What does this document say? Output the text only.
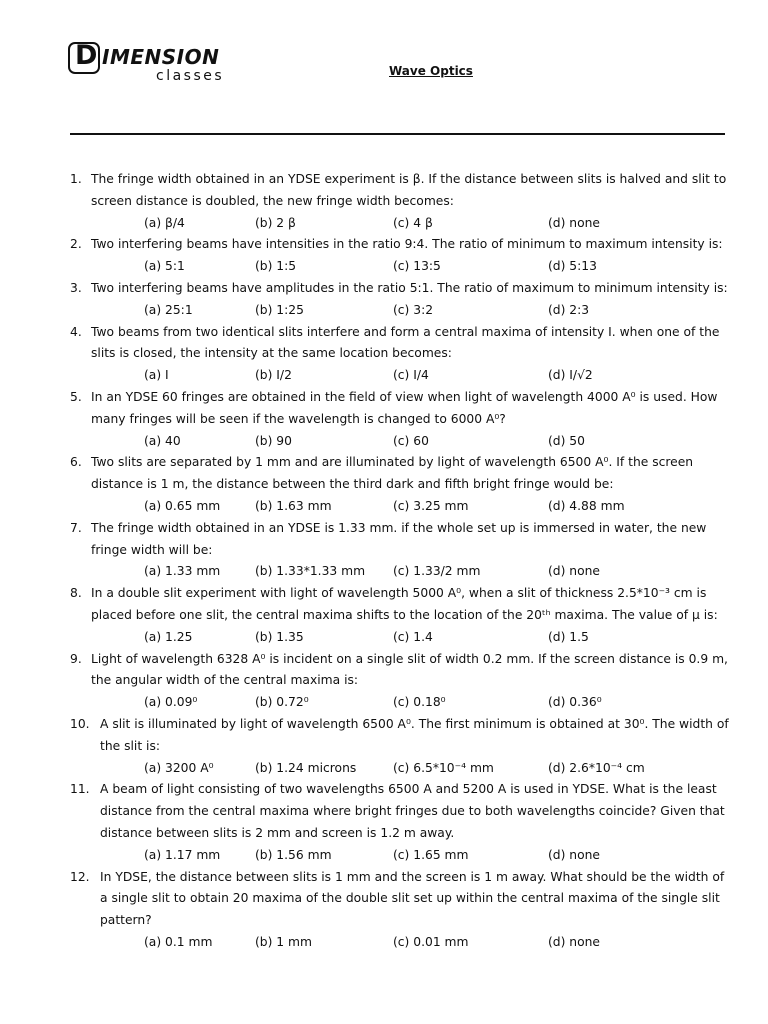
D IMENSION
classes	Wave Optics
1. The fringe width obtained in an YDSE experiment is β. If the distance between slits is halved and slit to screen distance is doubled, the new fringe width becomes:
(a) β/4	(b) 2 β	(c) 4 β	(d) none
2. Two interfering beams have intensities in the ratio 9:4. The ratio of minimum to maximum intensity is:
(a) 5:1	(b) 1:5	(c) 13:5	(d) 5:13
3. Two interfering beams have amplitudes in the ratio 5:1. The ratio of maximum to minimum intensity is:
(a) 25:1	(b) 1:25	(c) 3:2	(d) 2:3
4. Two beams from two identical slits interfere and form a central maxima of intensity I. when one of the slits is closed, the intensity at the same location becomes:
(a) I	(b) I/2	(c) I/4	(d) I/√2
5. In an YDSE 60 fringes are obtained in the field of view when light of wavelength 4000 A⁰ is used. How many fringes will be seen if the wavelength is changed to 6000 A⁰?
(a) 40	(b) 90	(c) 60	(d) 50
6. Two slits are separated by 1 mm and are illuminated by light of wavelength 6500 A⁰. If the screen distance is 1 m, the distance between the third dark and fifth bright fringe would be:
(a) 0.65 mm	(b) 1.63 mm	(c) 3.25 mm	(d) 4.88 mm
7. The fringe width obtained in an YDSE is 1.33 mm. if the whole set up is immersed in water, the new fringe width will be:
(a) 1.33 mm	(b) 1.33*1.33 mm (c) 1.33/2 mm	(d) none
8. In a double slit experiment with light of wavelength 5000 A⁰, when a slit of thickness 2.5*10⁻³ cm is placed before one slit, the central maxima shifts to the location of the 20ᵗʰ maxima. The value of μ is:
(a) 1.25	(b) 1.35	(c) 1.4	(d) 1.5
9. Light of wavelength 6328 A⁰ is incident on a single slit of width 0.2 mm. If the screen distance is 0.9 m, the angular width of the central maxima is:
(a) 0.09⁰	(b) 0.72⁰	(c) 0.18⁰	(d) 0.36⁰
10. A slit is illuminated by light of wavelength 6500 A⁰. The first minimum is obtained at 30⁰. The width of the slit is:
(a) 3200 A⁰	(b) 1.24 microns	(c) 6.5*10⁻⁴ mm	(d) 2.6*10⁻⁴ cm
11. A beam of light consisting of two wavelengths 6500 A and 5200 A is used in YDSE. What is the least distance from the central maxima where bright fringes due to both wavelengths coincide? Given that distance between slits is 2 mm and screen is 1.2 m away.
(a) 1.17 mm	(b) 1.56 mm	(c) 1.65 mm	(d) none
12. In YDSE, the distance between slits is 1 mm and the screen is 1 m away. What should be the width of a single slit to obtain 20 maxima of the double slit set up within the central maxima of the single slit pattern?
(a) 0.1 mm	(b) 1 mm	(c) 0.01 mm	(d) none
